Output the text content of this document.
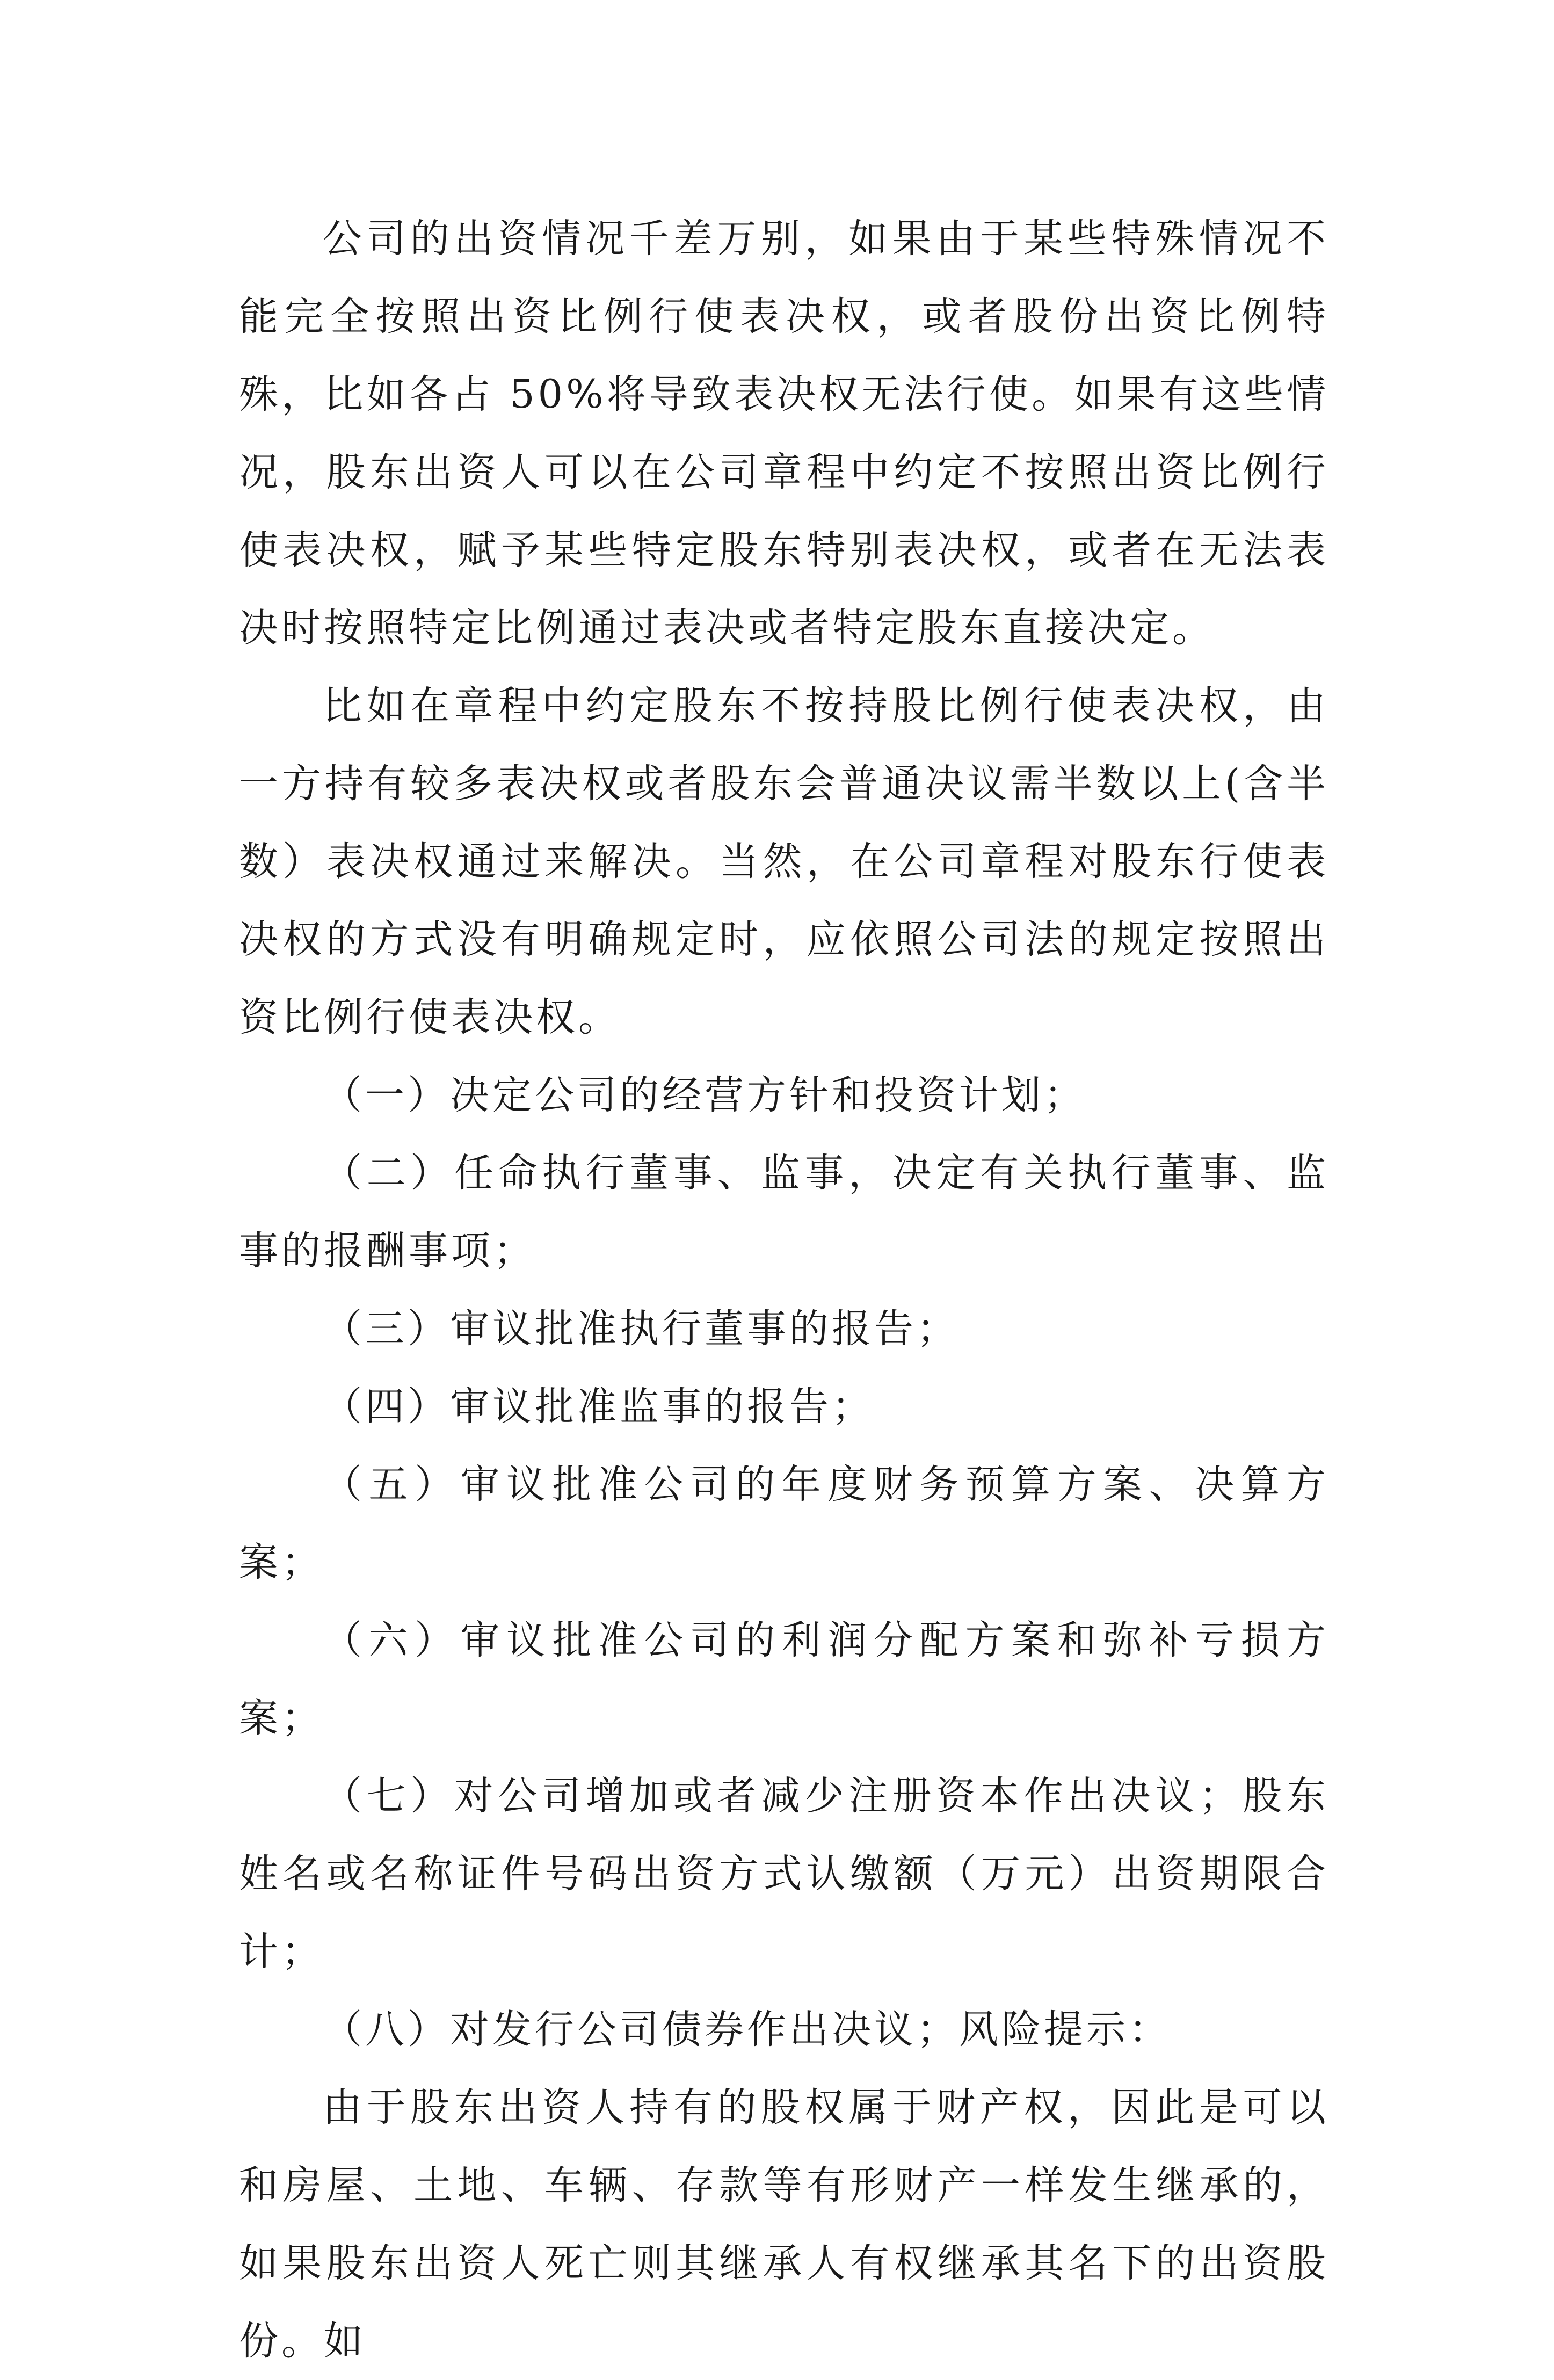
公司的出资情况千差万别，如果由于某些特殊情况不能完全按照出资比例行使表决权，或者股份出资比例特殊，比如各占 50%将导致表决权无法行使。如果有这些情况，股东出资人可以在公司章程中约定不按照出资比例行使表决权，赋予某些特定股东特别表决权，或者在无法表决时按照特定比例通过表决或者特定股东直接决定。

比如在章程中约定股东不按持股比例行使表决权，由一方持有较多表决权或者股东会普通决议需半数以上(含半数）表决权通过来解决。当然，在公司章程对股东行使表决权的方式没有明确规定时，应依照公司法的规定按照出资比例行使表决权。

（一）决定公司的经营方针和投资计划；

（二）任命执行董事、监事，决定有关执行董事、监事的报酬事项；

（三）审议批准执行董事的报告；

（四）审议批准监事的报告；

（五）审议批准公司的年度财务预算方案、决算方案；

（六）审议批准公司的利润分配方案和弥补亏损方案；

（七）对公司增加或者减少注册资本作出决议；股东姓名或名称证件号码出资方式认缴额（万元）出资期限合计；

（八）对发行公司债券作出决议；风险提示：

由于股东出资人持有的股权属于财产权，因此是可以和房屋、土地、车辆、存款等有形财产一样发生继承的，如果股东出资人死亡则其继承人有权继承其名下的出资股份。如
